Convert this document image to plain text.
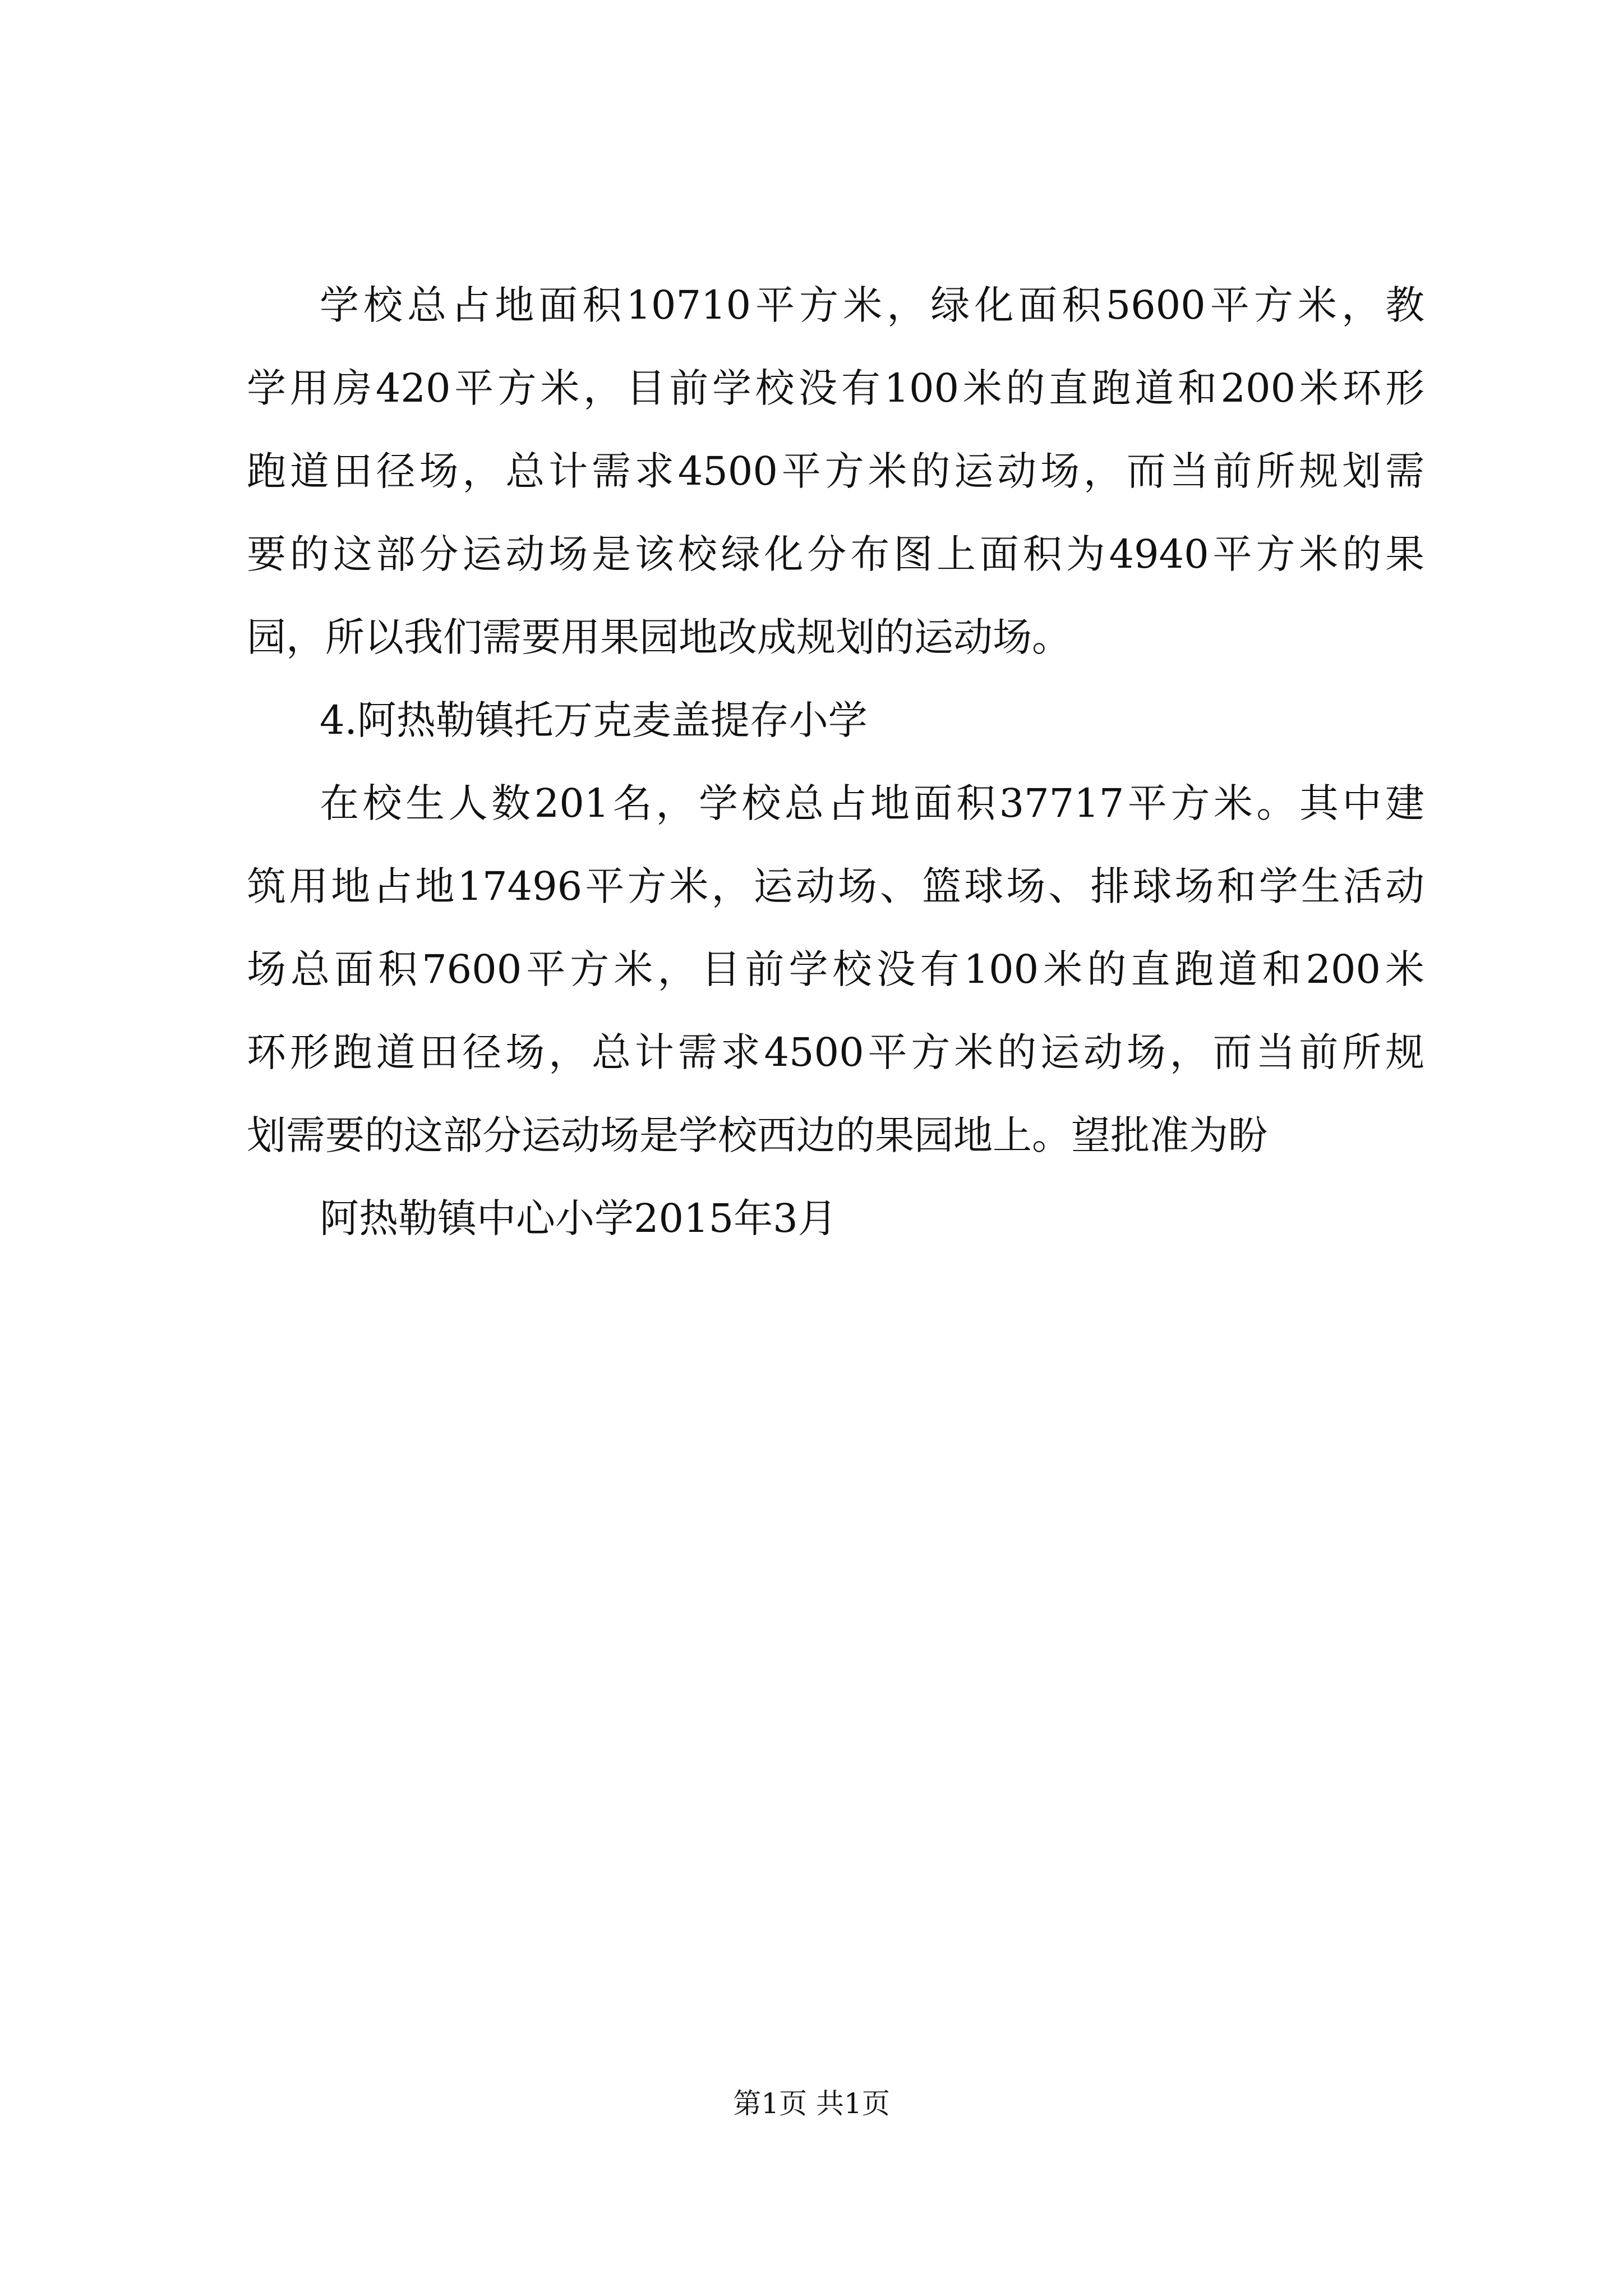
学校总占地面积10710平方米，绿化面积5600平方米，教
学用房420平方米，目前学校没有100米的直跑道和200米环形
跑道田径场，总计需求4500平方米的运动场，而当前所规划需
要的这部分运动场是该校绿化分布图上面积为4940平方米的果
园，所以我们需要用果园地改成规划的运动场。
4.阿热勒镇托万克麦盖提存小学
在校生人数201名，学校总占地面积37717平方米。其中建
筑用地占地17496平方米，运动场、篮球场、排球场和学生活动
场总面积7600平方米，目前学校没有100米的直跑道和200米
环形跑道田径场，总计需求4500平方米的运动场，而当前所规
划需要的这部分运动场是学校西边的果园地上。望批准为盼
阿热勒镇中心小学2015年3月
第1页 共1页
